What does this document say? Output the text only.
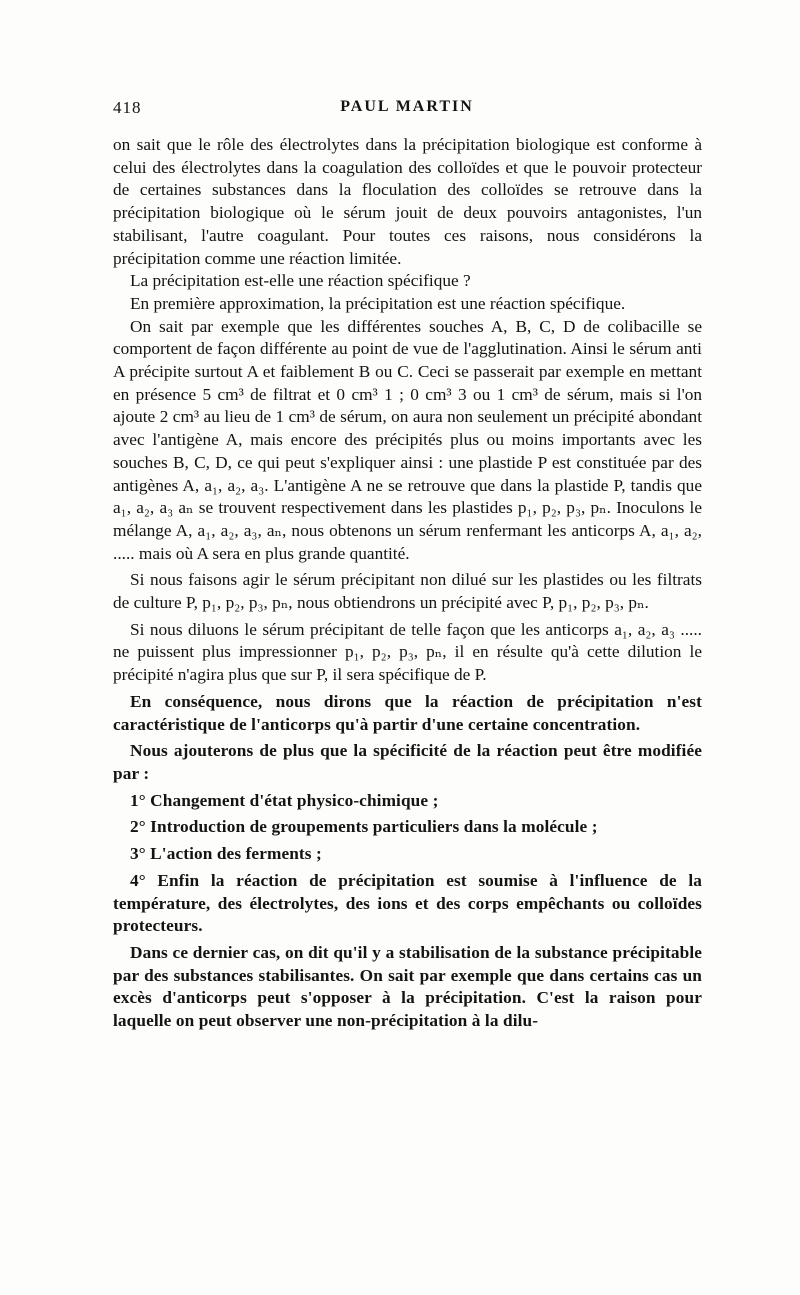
418	PAUL MARTIN

on sait que le rôle des électrolytes dans la précipitation biologique est conforme à celui des électrolytes dans la coagulation des colloïdes et que le pouvoir protecteur de certaines substances dans la floculation des colloïdes se retrouve dans la précipitation biologique où le sérum jouit de deux pouvoirs antagonistes, l'un stabilisant, l'autre coagulant. Pour toutes ces raisons, nous considérons la précipitation comme une réaction limitée.

La précipitation est-elle une réaction spécifique ?

En première approximation, la précipitation est une réaction spécifique.

On sait par exemple que les différentes souches A, B, C, D de colibacille se comportent de façon différente au point de vue de l'agglutination. Ainsi le sérum anti A précipite surtout A et faiblement B ou C. Ceci se passerait par exemple en mettant en présence 5 cm³ de filtrat et 0 cm³ 1 ; 0 cm³ 3 ou 1 cm³ de sérum, mais si l'on ajoute 2 cm³ au lieu de 1 cm³ de sérum, on aura non seulement un précipité abondant avec l'antigène A, mais encore des précipités plus ou moins importants avec les souches B, C, D, ce qui peut s'expliquer ainsi : une plastide P est constituée par des antigènes A, a₁, a₂, a₃. L'antigène A ne se retrouve que dans la plastide P, tandis que a₁, a₂, a₃ aₙ se trouvent respectivement dans les plastides p₁, p₂, p₃, pₙ. Inoculons le mélange A, a₁, a₂, a₃, aₙ, nous obtenons un sérum renfermant les anticorps A, a₁, a₂, ..... mais où A sera en plus grande quantité.

Si nous faisons agir le sérum précipitant non dilué sur les plastides ou les filtrats de culture P, p₁, p₂, p₃, pₙ, nous obtiendrons un précipité avec P, p₁, p₂, p₃, pₙ.

Si nous diluons le sérum précipitant de telle façon que les anticorps a₁, a₂, a₃ ..... ne puissent plus impressionner p₁, p₂, p₃, pₙ, il en résulte qu'à cette dilution le précipité n'agira plus que sur P, il sera spécifique de P.

En conséquence, nous dirons que la réaction de précipitation n'est caractéristique de l'anticorps qu'à partir d'une certaine concentration.

Nous ajouterons de plus que la spécificité de la réaction peut être modifiée par :

1° Changement d'état physico-chimique ;

2° Introduction de groupements particuliers dans la molécule ;

3° L'action des ferments ;

4° Enfin la réaction de précipitation est soumise à l'influence de la température, des électrolytes, des ions et des corps empêchants ou colloïdes protecteurs.

Dans ce dernier cas, on dit qu'il y a stabilisation de la substance précipitable par des substances stabilisantes. On sait par exemple que dans certains cas un excès d'anticorps peut s'opposer à la précipitation. C'est la raison pour laquelle on peut observer une non-précipitation à la dilu-
